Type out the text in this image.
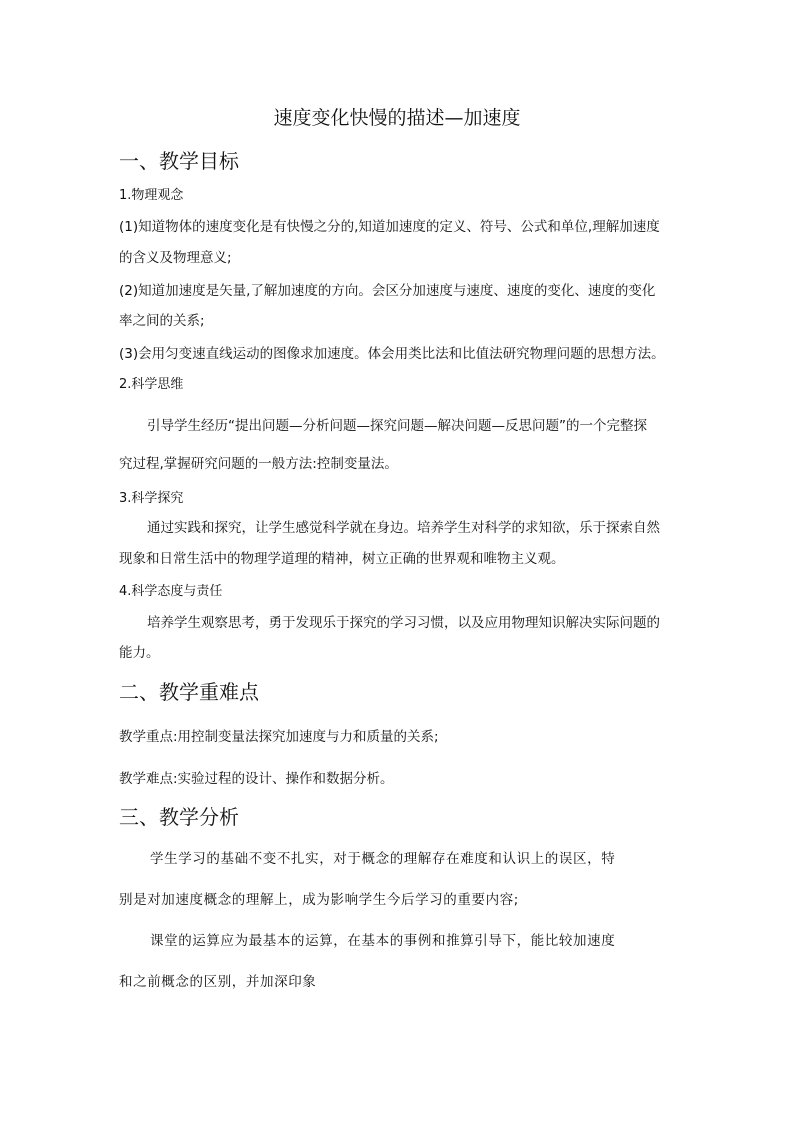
速度变化快慢的描述—加速度
一、教学目标
1.物理观念
(1)知道物体的速度变化是有快慢之分的,知道加速度的定义、符号、公式和单位,理解加速度
的含义及物理意义;
(2)知道加速度是矢量,了解加速度的方向。会区分加速度与速度、速度的变化、速度的变化
率之间的关系;
(3)会用匀变速直线运动的图像求加速度。体会用类比法和比值法研究物理问题的思想方法。
2.科学思维
引导学生经历“提出问题—分析问题—探究问题—解决问题—反思问题”的一个完整探
究过程,掌握研究问题的一般方法:控制变量法。
3.科学探究
通过实践和探究，让学生感觉科学就在身边。培养学生对科学的求知欲，乐于探索自然
现象和日常生活中的物理学道理的精神，树立正确的世界观和唯物主义观。
4.科学态度与责任
培养学生观察思考，勇于发现乐于探究的学习习惯，以及应用物理知识解决实际问题的
能力。
二、教学重难点
教学重点:用控制变量法探究加速度与力和质量的关系;
教学难点:实验过程的设计、操作和数据分析。
三、教学分析
学生学习的基础不变不扎实，对于概念的理解存在难度和认识上的误区，特
别是对加速度概念的理解上，成为影响学生今后学习的重要内容;
课堂的运算应为最基本的运算，在基本的事例和推算引导下，能比较加速度
和之前概念的区别，并加深印象
